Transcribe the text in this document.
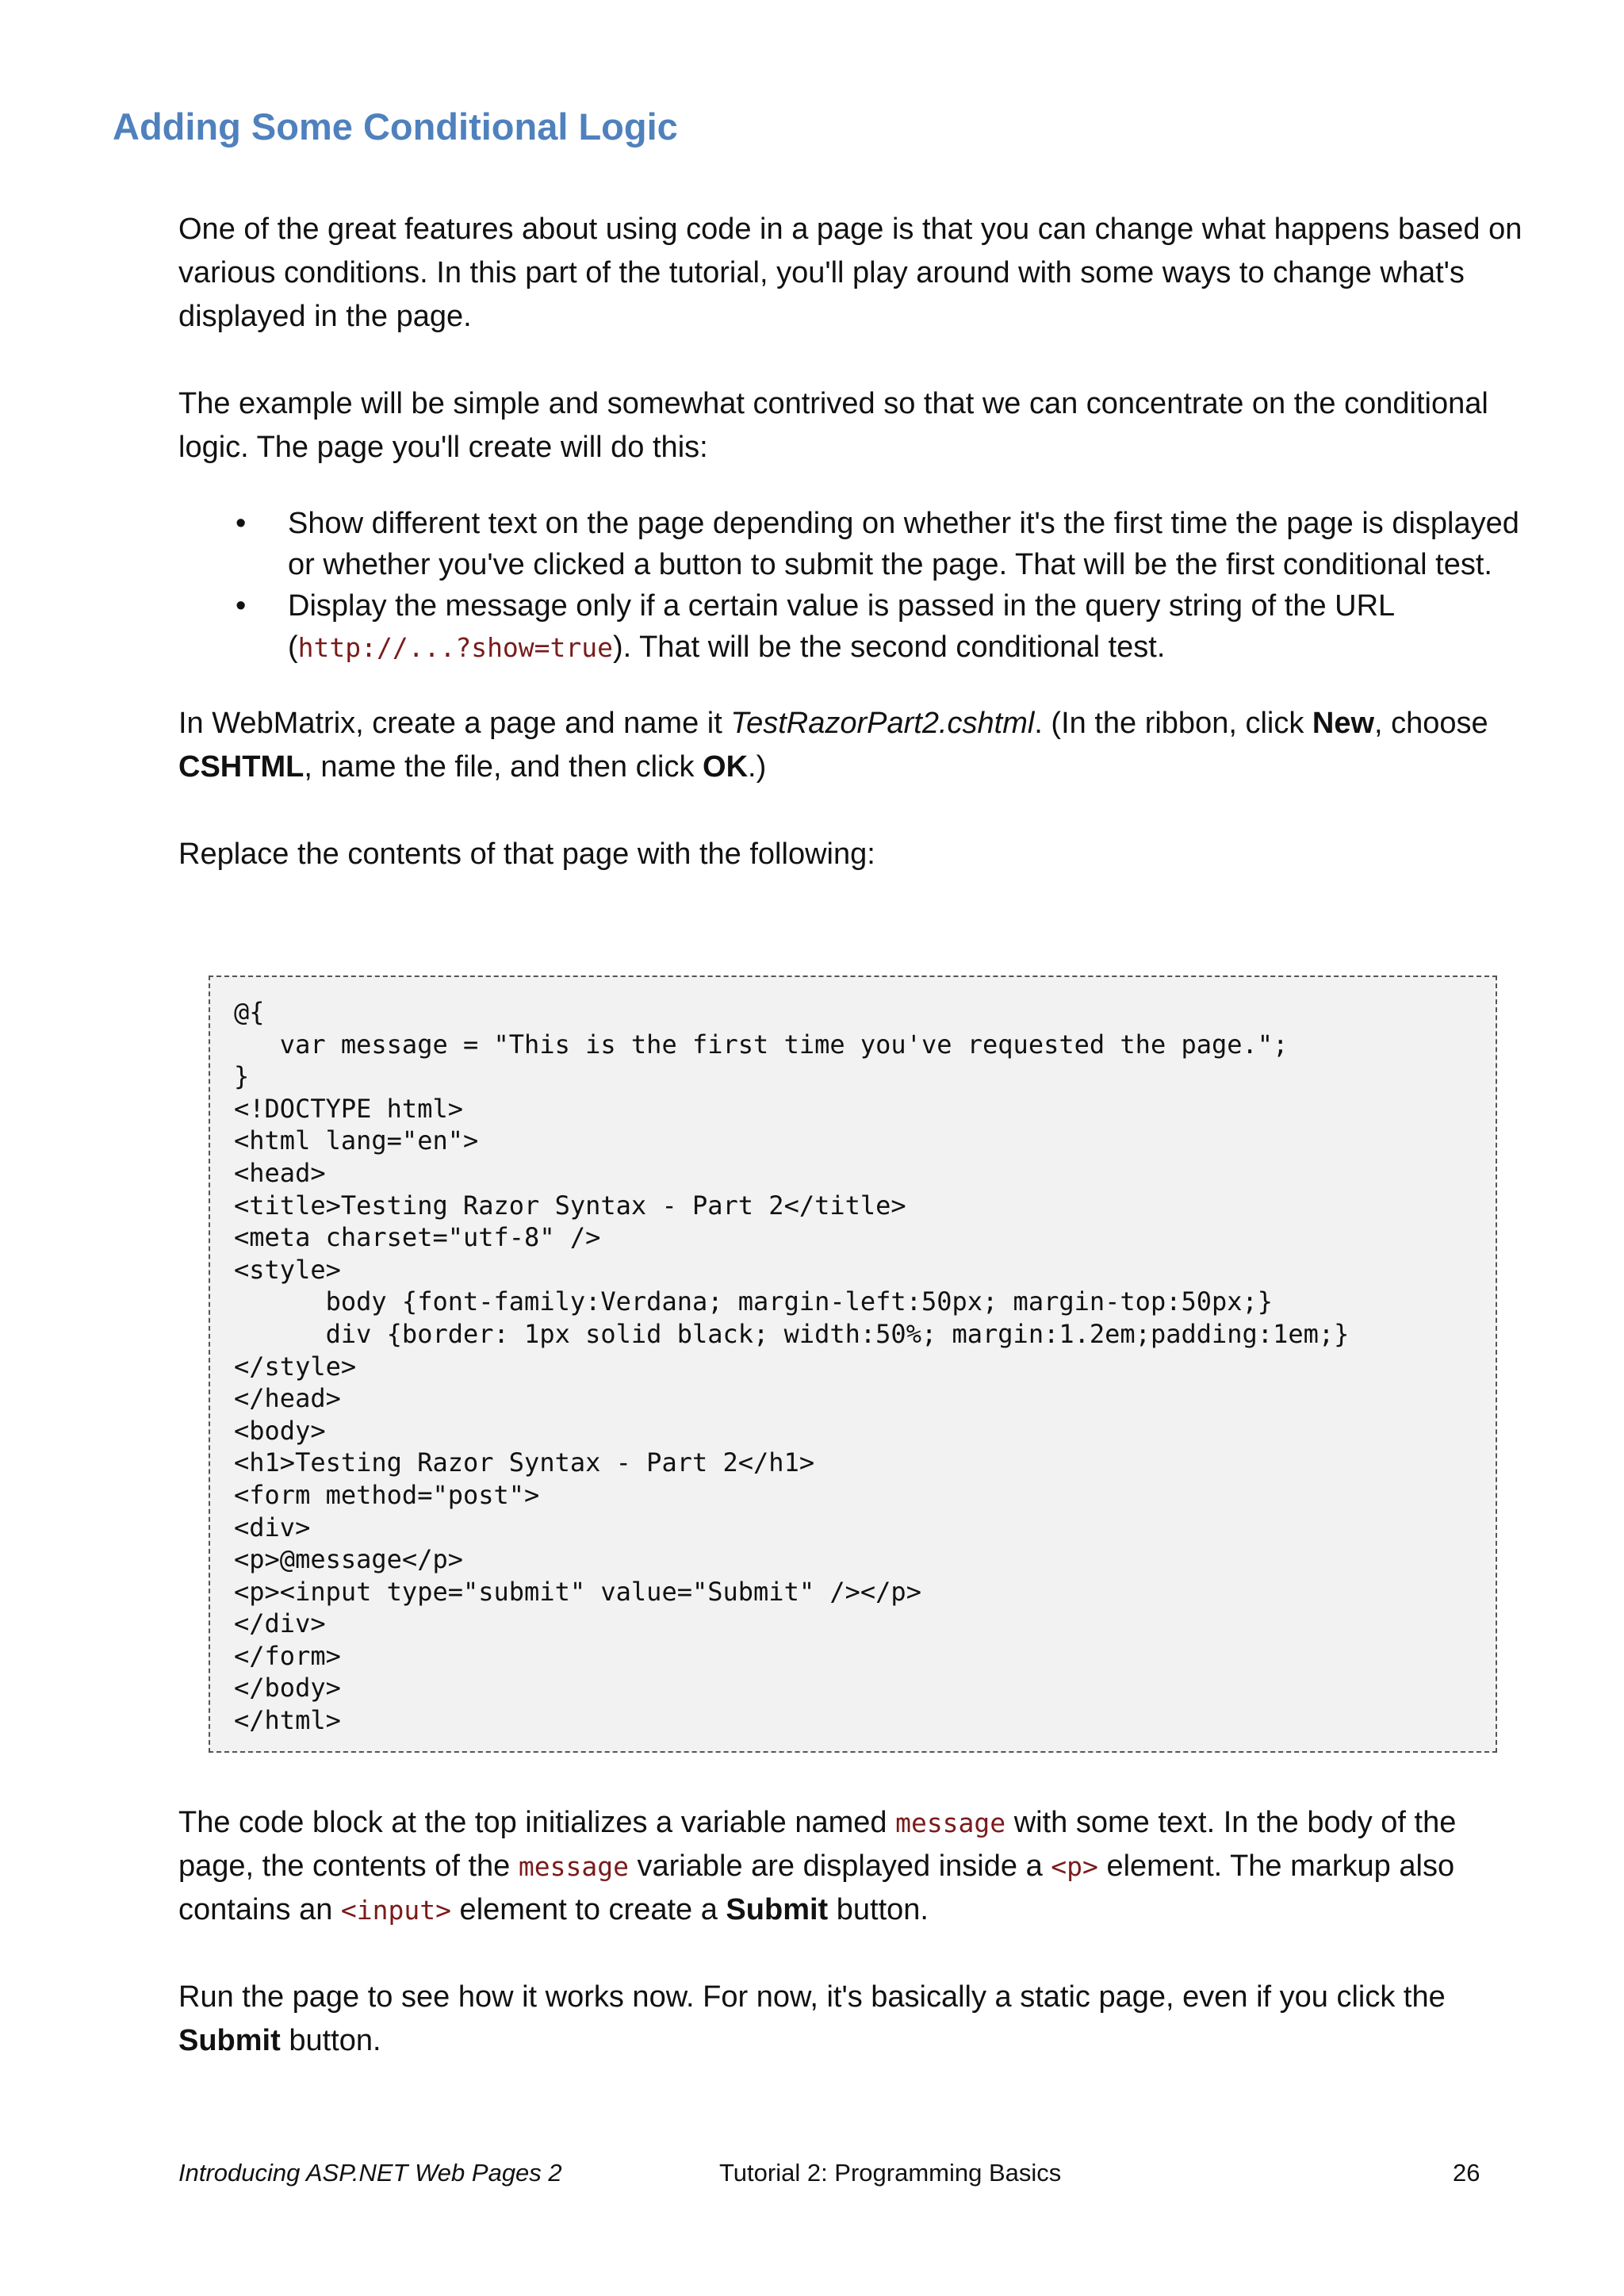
Adding Some Conditional Logic

One of the great features about using code in a page is that you can change what happens based on various conditions. In this part of the tutorial, you'll play around with some ways to change what's displayed in the page.

The example will be simple and somewhat contrived so that we can concentrate on the conditional logic. The page you'll create will do this:

• Show different text on the page depending on whether it's the first time the page is displayed or whether you've clicked a button to submit the page. That will be the first conditional test.
• Display the message only if a certain value is passed in the query string of the URL (http://...?show=true). That will be the second conditional test.

In WebMatrix, create a page and name it TestRazorPart2.cshtml. (In the ribbon, click New, choose CSHTML, name the file, and then click OK.)

Replace the contents of that page with the following:

@{
var message = "This is the first time you've requested the page.";
}
<!DOCTYPE html>
<html lang="en">
<head>
<title>Testing Razor Syntax - Part 2</title>
<meta charset="utf-8" />
<style>
body {font-family:Verdana; margin-left:50px; margin-top:50px;}
div {border: 1px solid black; width:50%; margin:1.2em;padding:1em;}
</style>
</head>
<body>
<h1>Testing Razor Syntax - Part 2</h1>
<form method="post">
<div>
<p>@message</p>
<p><input type="submit" value="Submit" /></p>
</div>
</form>
</body>
</html>

The code block at the top initializes a variable named message with some text. In the body of the page, the contents of the message variable are displayed inside a <p> element. The markup also contains an <input> element to create a Submit button.

Run the page to see how it works now. For now, it's basically a static page, even if you click the Submit button.

Introducing ASP.NET Web Pages 2	Tutorial 2: Programming Basics	26
